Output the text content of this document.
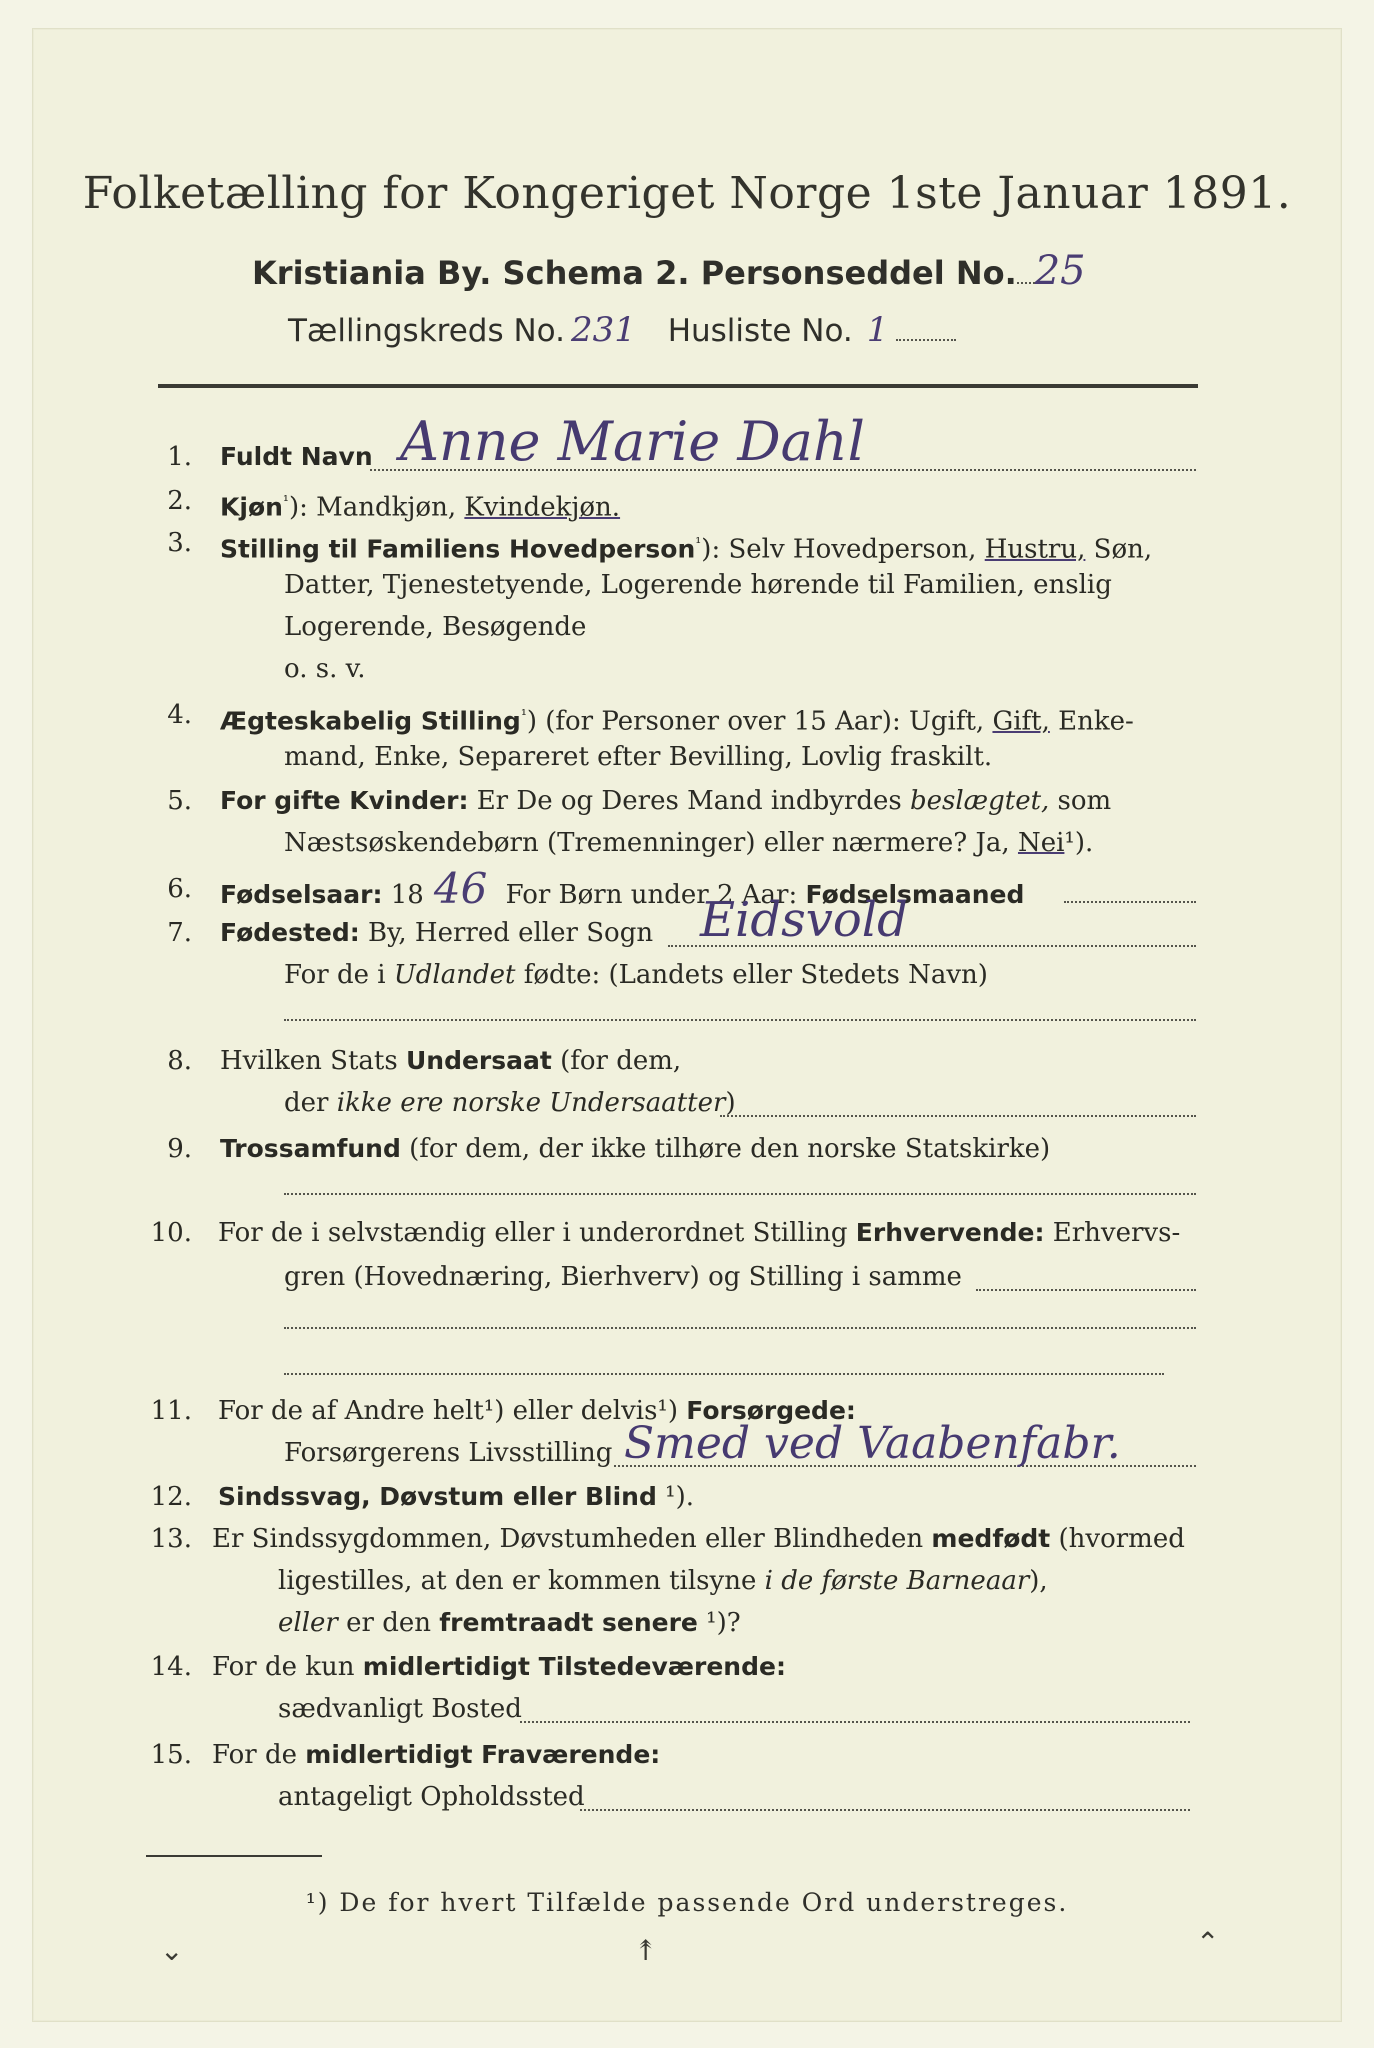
Folketælling for Kongeriget Norge 1ste Januar 1891.
Kristiania By. Schema 2. Personseddel No. 25
Tællingskreds No. 231 Husliste No. 1
1. Fuldt Navn Anne Marie Dahl
2. Kjøn$^{^1}$): Mandkjøn, Kvindekjøn.
3. Stilling til Familiens Hovedperson$^{^1}$): Selv Hovedperson, Hustru, Søn,
Datter, Tjenestetyende, Logerende hørende til Familien, enslig
Logerende, Besøgende
o. s. v.
4. Ægteskabelig Stilling$^{^1}$) (for Personer over 15 Aar): Ugift, Gift, Enke-
mand, Enke, Separeret efter Bevilling, Lovlig fraskilt.
5. For gifte Kvinder: Er De og Deres Mand indbyrdes beslægtet, som
Næstsøskendebørn (Tremenninger) eller nærmere? Ja, Nei¹).
6. Fødselsaar: 18 46 For Børn under 2 Aar: Fødselsmaaned
7. Fødested: By, Herred eller Sogn Eidsvold
For de i Udlandet fødte: (Landets eller Stedets Navn)
8. Hvilken Stats Undersaat (for dem,
der ikke ere norske Undersaatter)
9. Trossamfund (for dem, der ikke tilhøre den norske Statskirke)
10. For de i selvstændig eller i underordnet Stilling Erhvervende: Erhvervs-
gren (Hovednæring, Bierhverv) og Stilling i samme
11. For de af Andre helt¹) eller delvis¹) Forsørgede:
Forsørgerens Livsstilling Smed ved Vaabenfabr.
12. Sindssvag, Døvstum eller Blind ¹).
13. Er Sindssygdommen, Døvstumheden eller Blindheden medfødt (hvormed
ligestilles, at den er kommen tilsyne i de første Barneaar),
eller er den fremtraadt senere ¹)?
14. For de kun midlertidigt Tilstedeværende:
sædvanligt Bosted
15. For de midlertidigt Fraværende:
antageligt Opholdssted
¹) De for hvert Tilfælde passende Ord understreges.
⌄	↟	⌃
